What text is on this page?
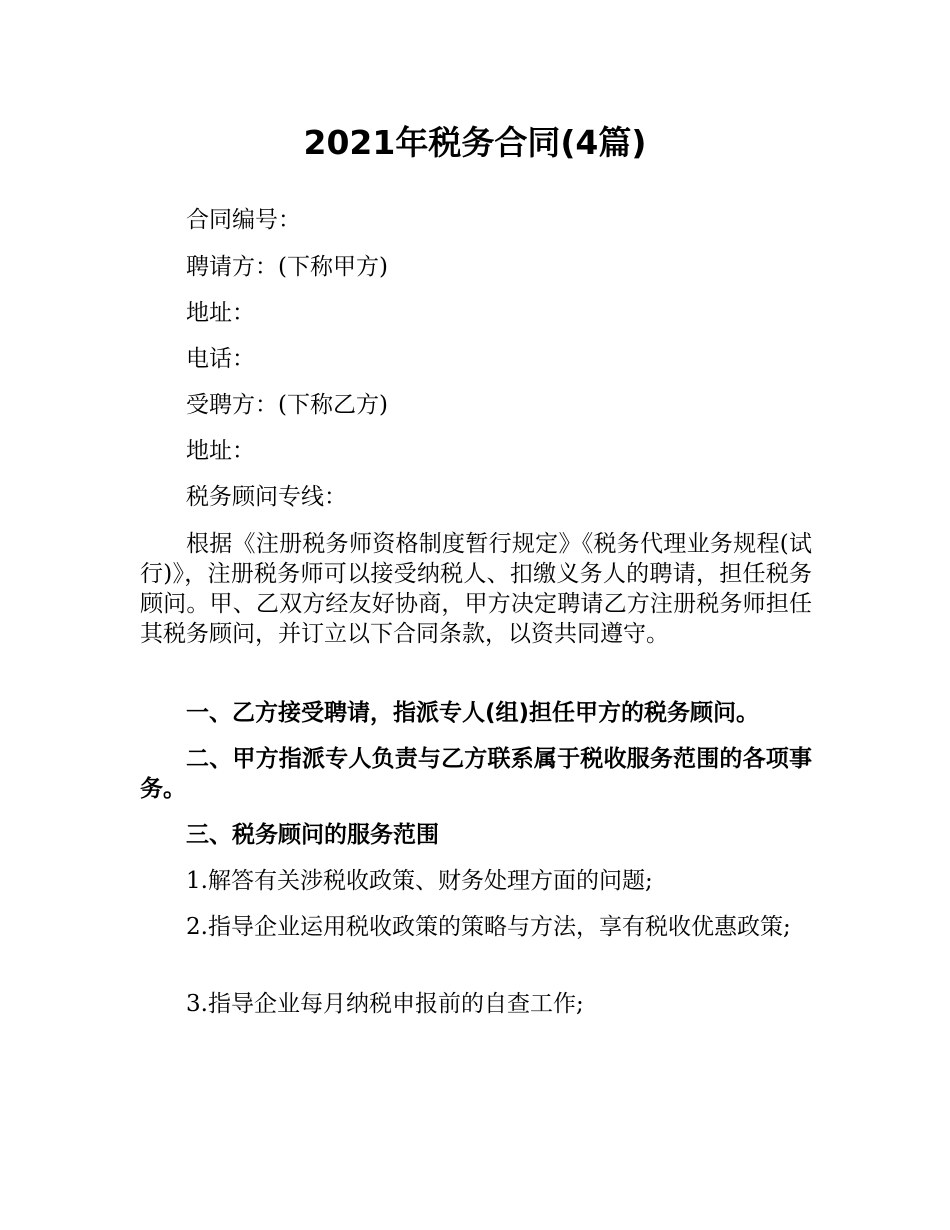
2021年税务合同(4篇)
合同编号：
聘请方：(下称甲方)
地址：
电话：
受聘方：(下称乙方)
地址：
税务顾问专线：
根据《注册税务师资格制度暂行规定》《税务代理业务规程(试行)》，注册税务师可以接受纳税人、扣缴义务人的聘请，担任税务顾问。甲、乙双方经友好协商，甲方决定聘请乙方注册税务师担任其税务顾问，并订立以下合同条款，以资共同遵守。
一、乙方接受聘请，指派专人(组)担任甲方的税务顾问。
二、甲方指派专人负责与乙方联系属于税收服务范围的各项事务。
三、税务顾问的服务范围
1.解答有关涉税收政策、财务处理方面的问题;
2.指导企业运用税收政策的策略与方法，享有税收优惠政策;
3.指导企业每月纳税申报前的自查工作;
